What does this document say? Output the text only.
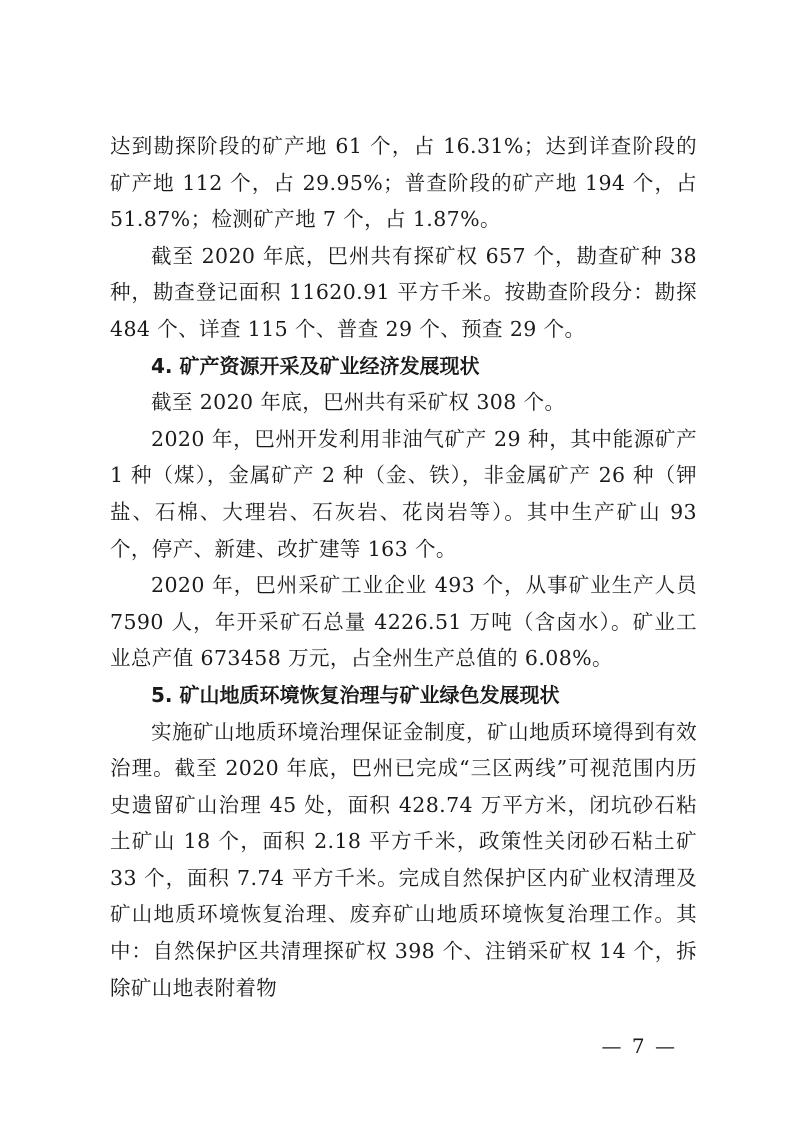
达到勘探阶段的矿产地 61 个，占 16.31%；达到详查阶段的矿产地 112 个，占 29.95%；普查阶段的矿产地 194 个，占 51.87%；检测矿产地 7 个，占 1.87%。

截至 2020 年底，巴州共有探矿权 657 个，勘查矿种 38 种，勘查登记面积 11620.91 平方千米。按勘查阶段分：勘探 484 个、详查 115 个、普查 29 个、预查 29 个。

4. 矿产资源开采及矿业经济发展现状

截至 2020 年底，巴州共有采矿权 308 个。

2020 年，巴州开发利用非油气矿产 29 种，其中能源矿产 1 种（煤），金属矿产 2 种（金、铁），非金属矿产 26 种（钾盐、石棉、大理岩、石灰岩、花岗岩等）。其中生产矿山 93 个，停产、新建、改扩建等 163 个。

2020 年，巴州采矿工业企业 493 个，从事矿业生产人员 7590 人，年开采矿石总量 4226.51 万吨（含卤水）。矿业工业总产值 673458 万元，占全州生产总值的 6.08%。

5. 矿山地质环境恢复治理与矿业绿色发展现状

实施矿山地质环境治理保证金制度，矿山地质环境得到有效治理。截至 2020 年底，巴州已完成“三区两线”可视范围内历史遗留矿山治理 45 处，面积 428.74 万平方米，闭坑砂石粘土矿山 18 个，面积 2.18 平方千米，政策性关闭砂石粘土矿 33 个，面积 7.74 平方千米。完成自然保护区内矿业权清理及矿山地质环境恢复治理、废弃矿山地质环境恢复治理工作。其中：自然保护区共清理探矿权 398 个、注销采矿权 14 个，拆除矿山地表附着物

— 7 —
